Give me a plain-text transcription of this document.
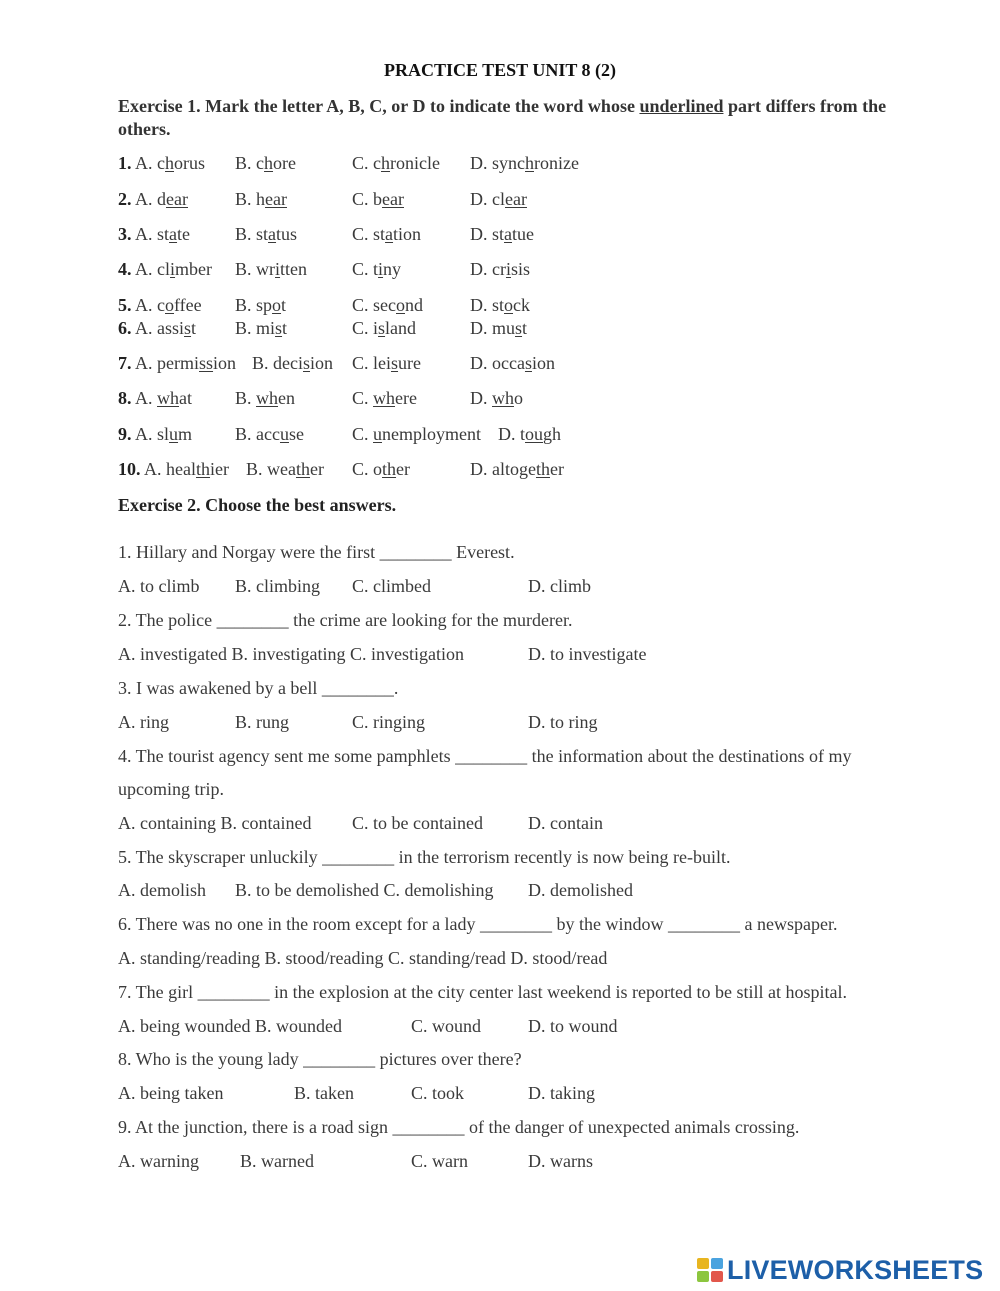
PRACTICE TEST UNIT 8 (2)
Exercise 1. Mark the letter A, B, C, or D to indicate the word whose underlined part differs from the others.
1. A. chorus B. chore	C. chronicle D. synchronize
2. A. dear	B. hear	C. bear	D. clear
3. A. state B. status	C. station	D. statue
4. A. climber B. written C. tiny	D. crisis
5. A. coffee B. spot	C. second	D. stock
6. A. assist B. mist	C. island	D. must
7. A. permission B. decision C. leisure	D. occasion
8. A. what B. when	C. where	D. who
9. A. slum B. accuse	C. unemployment D. tough
10. A. healthier B. weather C. other	D. altogether
Exercise 2. Choose the best answers.
1. Hillary and Norgay were the first ________ Everest.
A. to climb B. climbing C. climbed	D. climb
2. The police ________ the crime are looking for the murderer.
A. investigated B. investigating C. investigation	D. to investigate
3. I was awakened by a bell ________.
A. ring	B. rung	C. ringing	D. to ring
4. The tourist agency sent me some pamphlets ________ the information about the destinations of my
upcoming trip.
A. containing B. contained C. to be contained	D. contain
5. The skyscraper unluckily ________ in the terrorism recently is now being re-built.
A. demolish B. to be demolished C. demolishing D. demolished
6. There was no one in the room except for a lady ________ by the window ________ a newspaper.
A. standing/reading B. stood/reading C. standing/read D. stood/read
7. The girl ________ in the explosion at the city center last weekend is reported to be still at hospital.
A. being wounded B. wounded	C. wound	D. to wound
8. Who is the young lady ________ pictures over there?
A. being taken	B. taken	C. took	D. taking
9. At the junction, there is a road sign ________ of the danger of unexpected animals crossing.
A. warning B. warned	C. warn	D. warns
LIVEWORKSHEETS
